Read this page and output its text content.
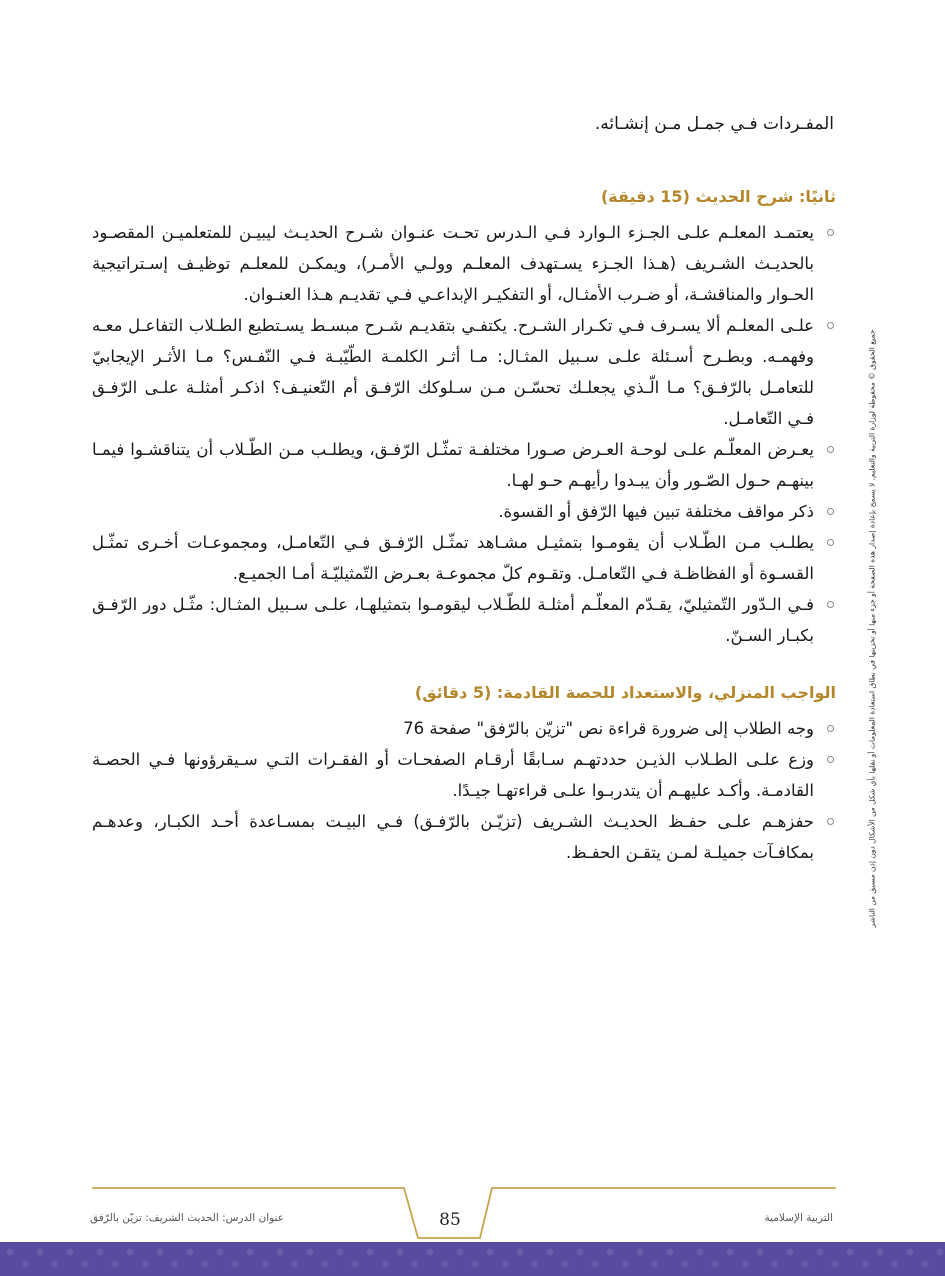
المفـردات فـي جمـل مـن إنشـائه.

ثانيًا: شرح الحديث (15 دقيقة)
يعتمـد المعلـم علـى الجـزء الـوارد فـي الـدرس تحـت عنـوان شـرح الحديـث ليبيـن للمتعلميـن المقصـود بالحديـث الشـريف (هـذا الجـزء يسـتهدف المعلـم وولـي الأمـر)، ويمكـن للمعلـم توظيـف إسـتراتيجية الحـوار والمناقشـة، أو ضـرب الأمثـال، أو التفكيـر الإبداعـي فـي تقديـم هـذا العنـوان.
علـى المعلـم ألا يسـرف فـي تكـرار الشـرح. يكتفـي بتقديـم شـرح مبسـط يسـتطيع الطـلاب التفاعـل معـه وفهمـه. وبطـرح أسـئلة علـى سـبيل المثـال: مـا أثـر الكلمـة الطّيّبـة فـي النّفـس؟ مـا الأثـر الإيجابيّ للتعامـل بالرّفـق؟ مـا الّـذي يجعلـك تحسّـن مـن سـلوكك الرّفـق أم التّعنيـف؟ اذكـر أمثلـة علـى الرّفـق فـي التّعامـل.
يعـرض المعلّـم علـى لوحـة العـرض صـورا مختلفـة تمثّـل الرّفـق، ويطلـب مـن الطّـلاب أن يتناقشـوا فيمـا بينهـم حـول الصّـور وأن يبـدوا رأيهـم حـو لهـا.
ذكر مواقف مختلفة تبين فيها الرّفق أو القسوة.
يطلـب مـن الطّـلاب أن يقومـوا بتمثيـل مشـاهد تمثّـل الرّفـق فـي التّعامـل، ومجموعـات أخـرى تمثّـل القسـوة أو الفظاظـة فـي التّعامـل. وتقـوم كلّ مجموعـة بعـرض التّمثيليّـة أمـا الجميـع.
فـي الـدّور التّمثيليّ، يقـدّم المعلّـم أمثلـة للطّـلاب ليقومـوا بتمثيلهـا، علـى سـبيل المثـال: مثّـل دور الرّفـق بكبـار السـنّ.
الواجب المنزلي، والاستعداد للحصة القادمة: (5 دقائق)
وجه الطلاب إلى ضرورة قراءة نص "تزيّن بالرّفق" صفحة 76
وزع علـى الطـلاب الذيـن حددتهـم سـابقًا أرقـام الصفحـات أو الفقـرات التـي سـيقرؤونها فـي الحصـة القادمـة. وأكـد عليهـم أن يتدربـوا علـى قراءتهـا جيـدًا.
حفزهـم علـى حفـظ الحديـث الشـريف (تزيّـن بالرّفـق) فـي البيـت بمسـاعدة أحـد الكبـار، وعدهـم بمكافـآت جميلـة لمـن يتقـن الحفـظ.	جميع الحقوق © محفوظة لوزارة التربية والتعليم. لا يسمح بإعادة إصدار هذه الصفحة أو جزء منها أو تخزينها في نطاق استعادة المعلومات أو نقلها بأي شكل من الأشكال دون إذن مسبق من الناشر
85
عنوان الدرس: الحديث الشريف: تزيّن بالرّفق	التربية الإسلامية
